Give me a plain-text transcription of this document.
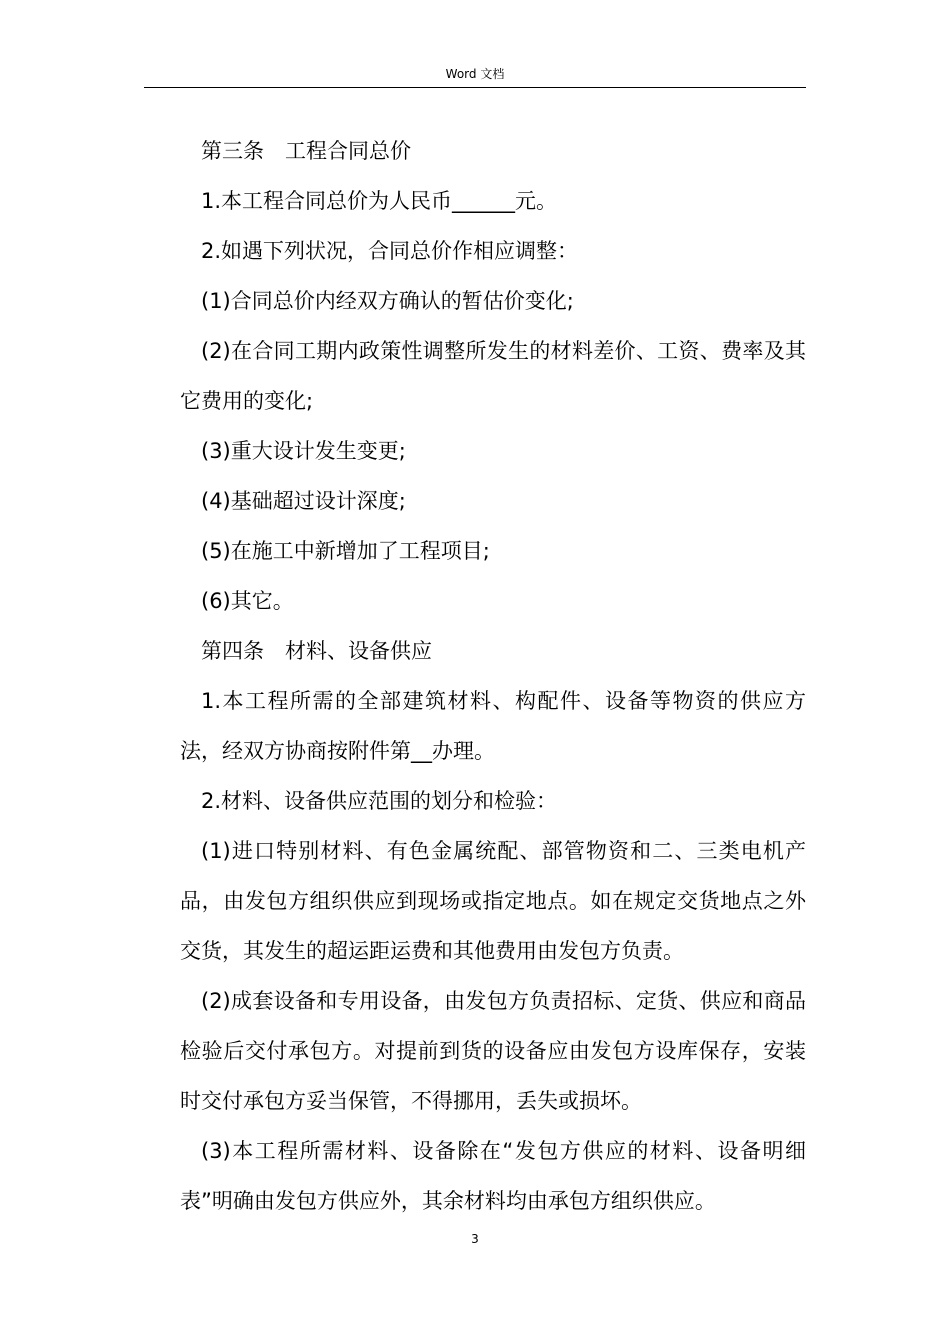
Word 文档

第三条　工程合同总价

1.本工程合同总价为人民币______元。

2.如遇下列状况，合同总价作相应调整：

(1)合同总价内经双方确认的暂估价变化;

(2)在合同工期内政策性调整所发生的材料差价、工资、费率及其它费用的变化;

(3)重大设计发生变更;

(4)基础超过设计深度;

(5)在施工中新增加了工程项目;

(6)其它。

第四条　材料、设备供应

1.本工程所需的全部建筑材料、构配件、设备等物资的供应方法，经双方协商按附件第__办理。

2.材料、设备供应范围的划分和检验：

(1)进口特别材料、有色金属统配、部管物资和二、三类电机产品，由发包方组织供应到现场或指定地点。如在规定交货地点之外交货，其发生的超运距运费和其他费用由发包方负责。

(2)成套设备和专用设备，由发包方负责招标、定货、供应和商品检验后交付承包方。对提前到货的设备应由发包方设库保存，安装时交付承包方妥当保管，不得挪用，丢失或损坏。

(3)本工程所需材料、设备除在“发包方供应的材料、设备明细表”明确由发包方供应外，其余材料均由承包方组织供应。

3
